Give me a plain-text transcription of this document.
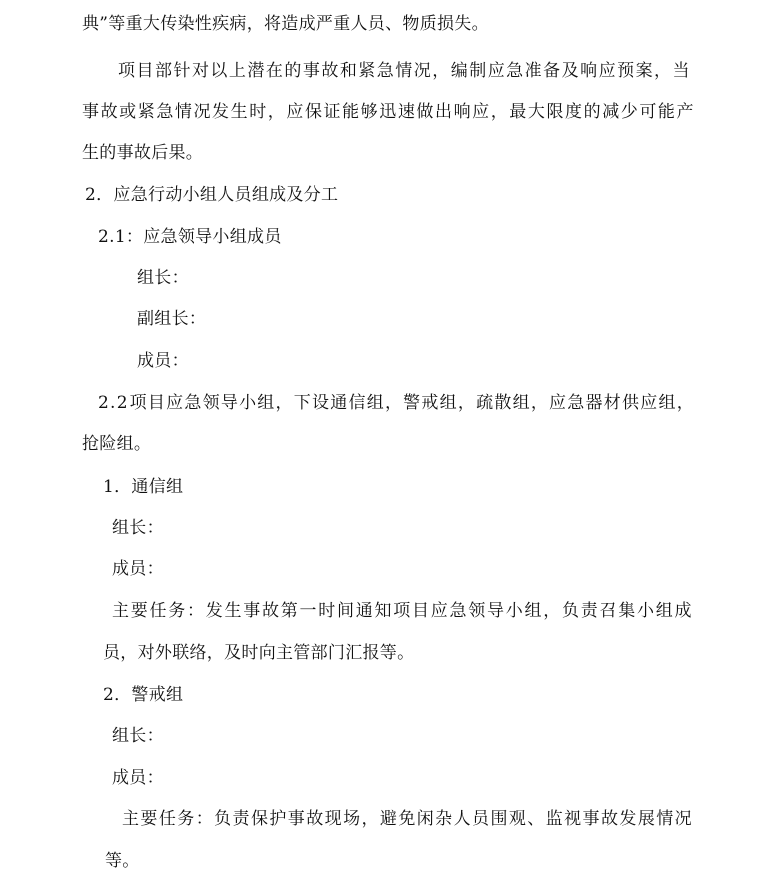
典”等重大传染性疾病，将造成严重人员、物质损失。
项 目 部 针 对 以 上 潜 在 的 事 故 和 紧 急 情 况 ， 编 制 应 急 准 备 及 响 应 预 案 ， 当
事 故 或 紧 急 情 况 发 生 时 ， 应 保 证 能 够 迅 速 做 出 响 应 ， 最 大 限 度 的 减 少 可 能 产
生的事故后果。
2．应急行动小组人员组成及分工
2.1：应急领导小组成员
组长：
副组长：
成员：
2 . 2 项 目 应 急 领 导 小 组 ， 下 设 通 信 组 ， 警 戒 组 ， 疏 散 组 ， 应 急 器 材 供 应 组 ，
抢险组。
1．通信组
组长：
成员：
主 要 任 务 ： 发 生 事 故 第 一 时 间 通 知 项 目 应 急 领 导 小 组 ， 负 责 召 集 小 组 成
员，对外联络，及时向主管部门汇报等。
2．警戒组
组长：
成员：
主 要 任 务 ： 负 责 保 护 事 故 现 场 ， 避 免 闲 杂 人 员 围 观 、 监 视 事 故 发 展 情 况
等。
